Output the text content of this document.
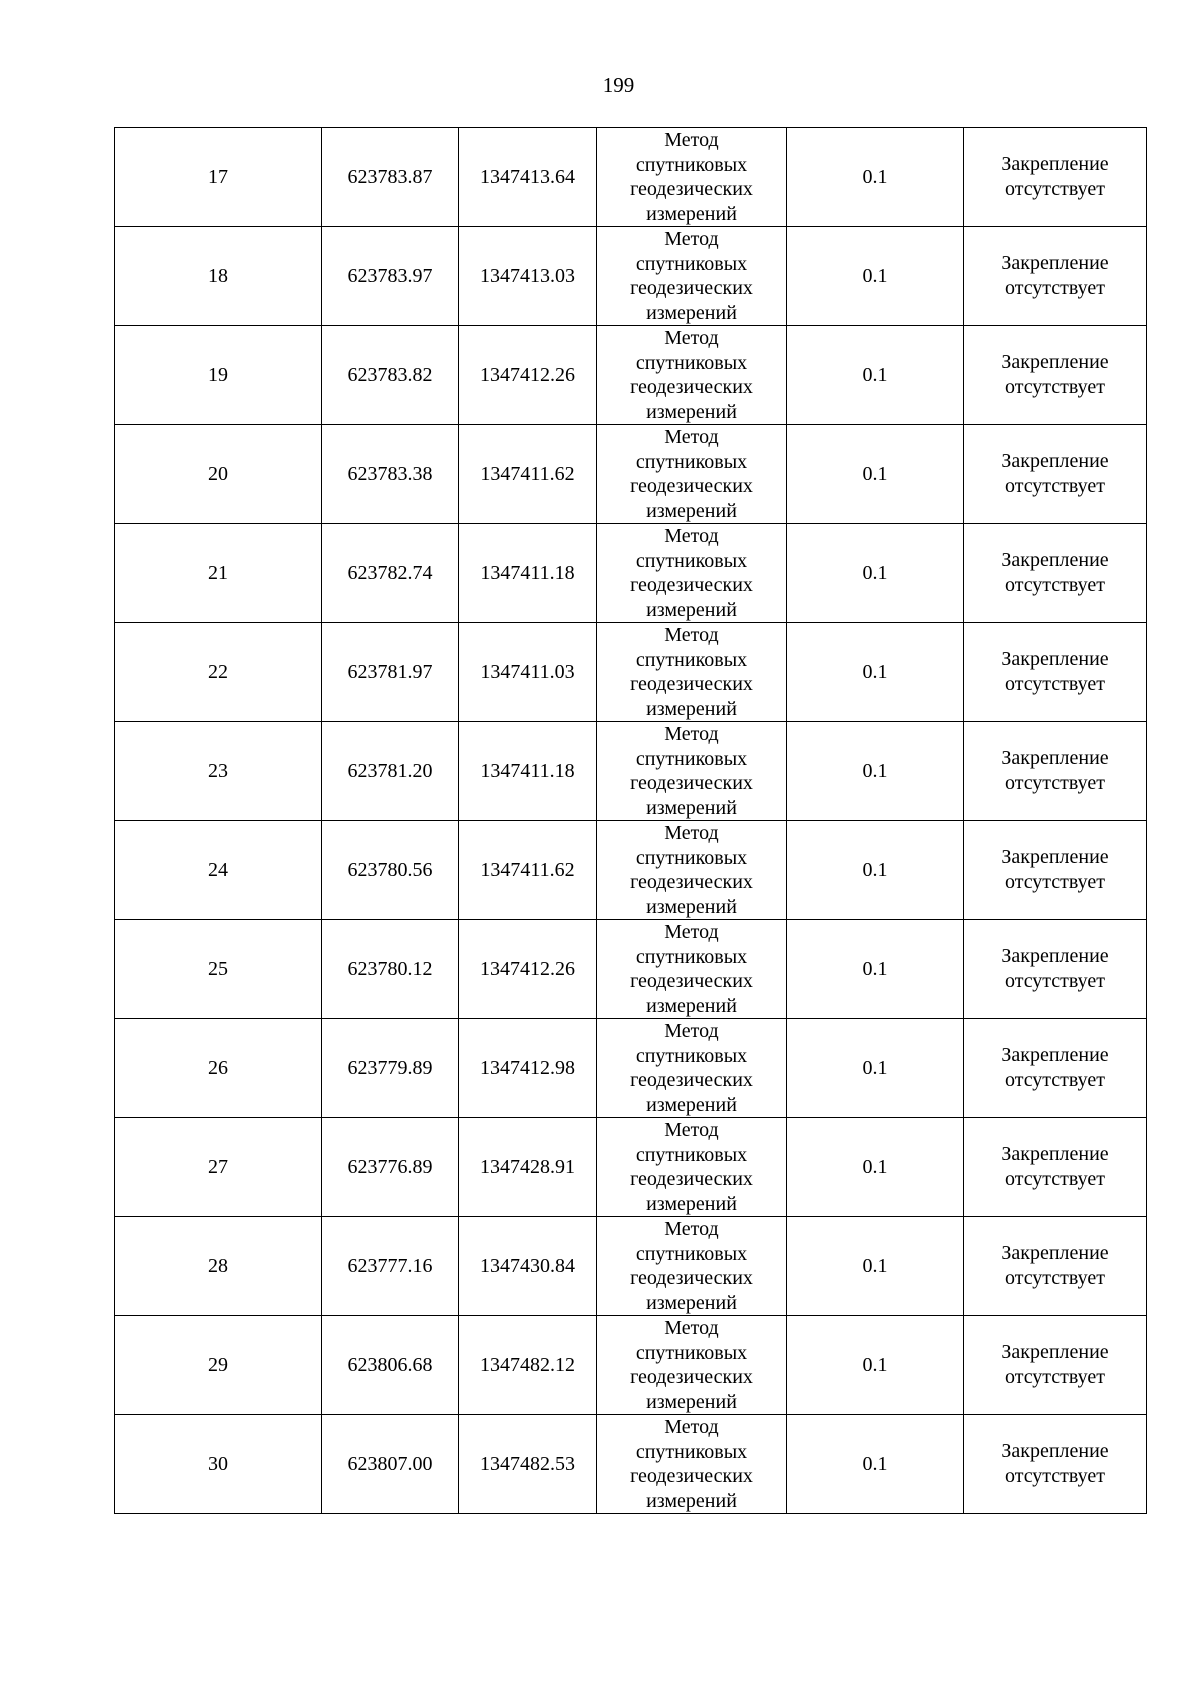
199
17	623783.87	1347413.64	Метод
спутниковых
геодезических
измерений	0.1	Закрепление
отсутствует

18	623783.97	1347413.03	Метод
спутниковых
геодезических
измерений	0.1	Закрепление
отсутствует

19	623783.82	1347412.26	Метод
спутниковых
геодезических
измерений	0.1	Закрепление
отсутствует

20	623783.38	1347411.62	Метод
спутниковых
геодезических
измерений	0.1	Закрепление
отсутствует

21	623782.74	1347411.18	Метод
спутниковых
геодезических
измерений	0.1	Закрепление
отсутствует

22	623781.97	1347411.03	Метод
спутниковых
геодезических
измерений	0.1	Закрепление
отсутствует

23	623781.20	1347411.18	Метод
спутниковых
геодезических
измерений	0.1	Закрепление
отсутствует

24	623780.56	1347411.62	Метод
спутниковых
геодезических
измерений	0.1	Закрепление
отсутствует

25	623780.12	1347412.26	Метод
спутниковых
геодезических
измерений	0.1	Закрепление
отсутствует

26	623779.89	1347412.98	Метод
спутниковых
геодезических
измерений	0.1	Закрепление
отсутствует

27	623776.89	1347428.91	Метод
спутниковых
геодезических
измерений	0.1	Закрепление
отсутствует

28	623777.16	1347430.84	Метод
спутниковых
геодезических
измерений	0.1	Закрепление
отсутствует

29	623806.68	1347482.12	Метод
спутниковых
геодезических
измерений	0.1	Закрепление
отсутствует

30	623807.00	1347482.53	Метод
спутниковых
геодезических
измерений	0.1	Закрепление
отсутствует
